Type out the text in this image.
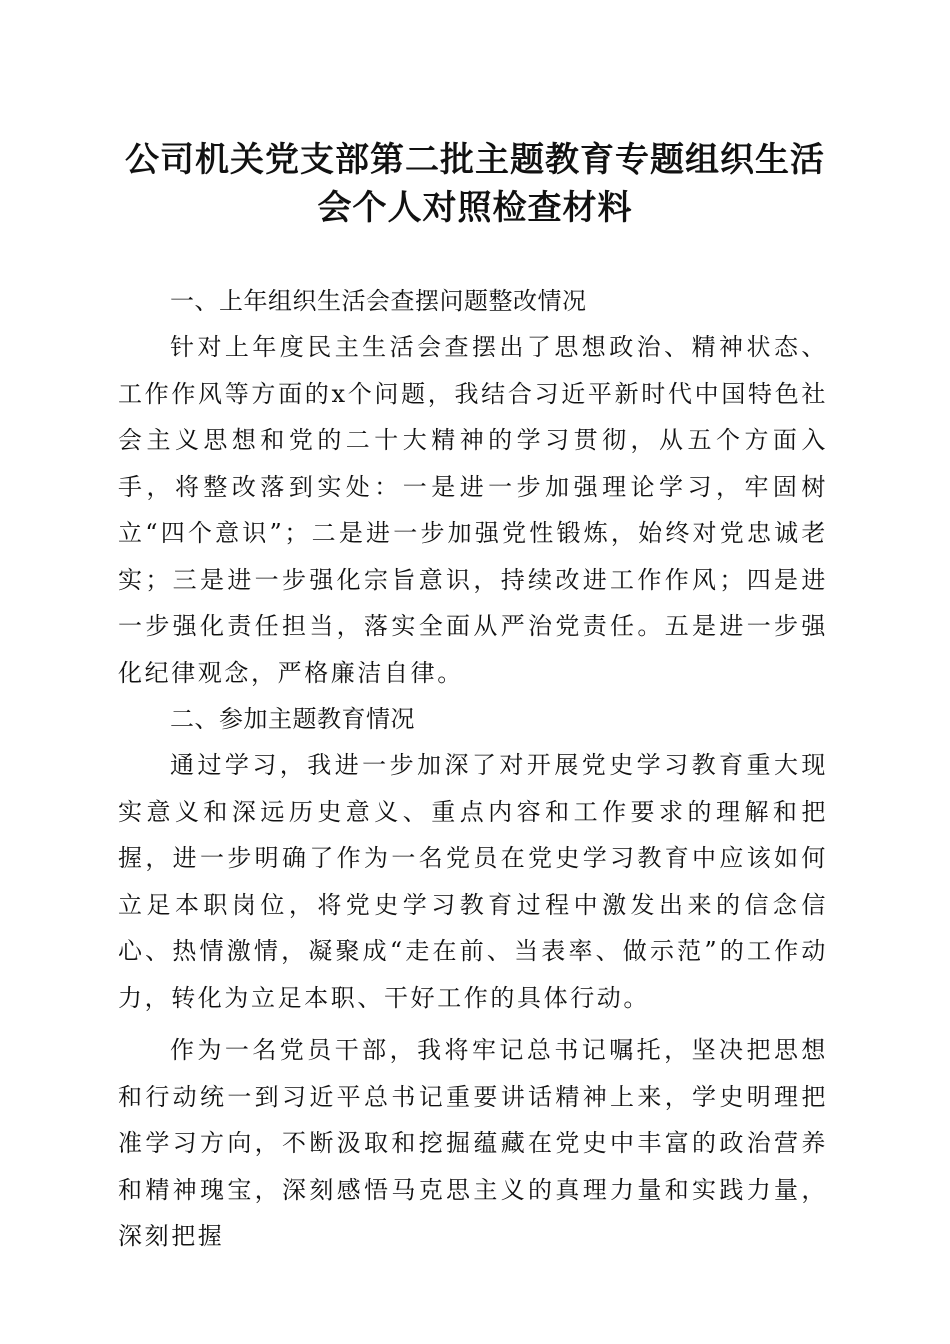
公司机关党支部第二批主题教育专题组织生活
会个人对照检查材料

一、上年组织生活会查摆问题整改情况

针对上年度民主生活会查摆出了思想政治、精神状态、工作作风等方面的x个问题，我结合习近平新时代中国特色社会主义思想和党的二十大精神的学习贯彻，从五个方面入手，将整改落到实处：一是进一步加强理论学习，牢固树立“四个意识”；二是进一步加强党性锻炼，始终对党忠诚老实；三是进一步强化宗旨意识，持续改进工作作风；四是进一步强化责任担当，落实全面从严治党责任。五是进一步强化纪律观念，严格廉洁自律。

二、参加主题教育情况

通过学习，我进一步加深了对开展党史学习教育重大现实意义和深远历史意义、重点内容和工作要求的理解和把握，进一步明确了作为一名党员在党史学习教育中应该如何立足本职岗位，将党史学习教育过程中激发出来的信念信心、热情激情，凝聚成“走在前、当表率、做示范”的工作动力，转化为立足本职、干好工作的具体行动。

作为一名党员干部，我将牢记总书记嘱托，坚决把思想和行动统一到习近平总书记重要讲话精神上来，学史明理把准学习方向，不断汲取和挖掘蕴藏在党史中丰富的政治营养和精神瑰宝，深刻感悟马克思主义的真理力量和实践力量，深刻把握
